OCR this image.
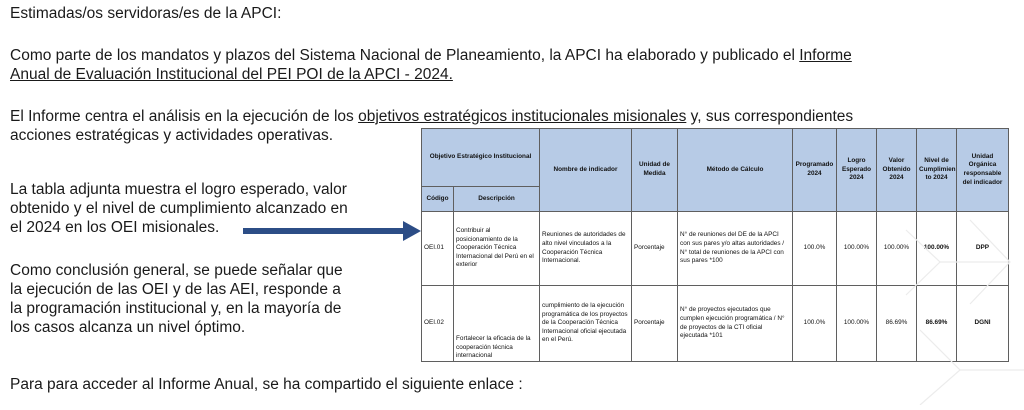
Estimadas/os servidoras/es de la APCI:

Como parte de los mandatos y plazos del Sistema Nacional de Planeamiento, la APCI ha elaborado y publicado el Informe
Anual de Evaluación Institucional del PEI POI de la APCI - 2024.

El Informe centra el análisis en la ejecución de los objetivos estratégicos institucionales misionales y, sus correspondientes
acciones estratégicas y actividades operativas.

La tabla adjunta muestra el logro esperado, valor
obtenido y el nivel de cumplimiento alcanzado en
el 2024 en los OEI misionales.

Como conclusión general, se puede señalar que
la ejecución de las OEI y de las AEI, responde a
la programación institucional y, en la mayoría de
los casos alcanza un nivel óptimo.

Para para acceder al Informe Anual, se ha compartido el siguiente enlace :

Objetivo Estratégico Institucional		Nombre de indicador	Unidad de Medida	Método de Cálculo	Programado 2024	Logro Esperado 2024	Valor Obtenido 2024	Nivel de Cumplimien to 2024	Unidad Orgánica responsable del indicador
Código	Descripción								
OEI.01	Contribuir al posicionamiento de la Cooperación Técnica Internacional del Perú en el exterior	Reuniones de autoridades de alto nivel vinculados a la Cooperación Técnica Internacional.	Porcentaje	N° de reuniones del DE de la APCI con sus pares y/o altas autoridades / N° total de reuniones de la APCI con sus pares *100	100.0%	100.00%	100.00%	100.00%	DPP
OEI.02	Fortalecer la eficacia de la cooperación técnica internacional	cumplimiento de la ejecución programática de los proyectos de la Cooperación Técnica Internacional oficial ejecutada en el Perú.	Porcentaje	N° de proyectos ejecutados que cumplen ejecución programática / N° de proyectos de la CTI oficial ejecutada *101	100.0%	100.00%	86.69%	86.69%	DGNI
